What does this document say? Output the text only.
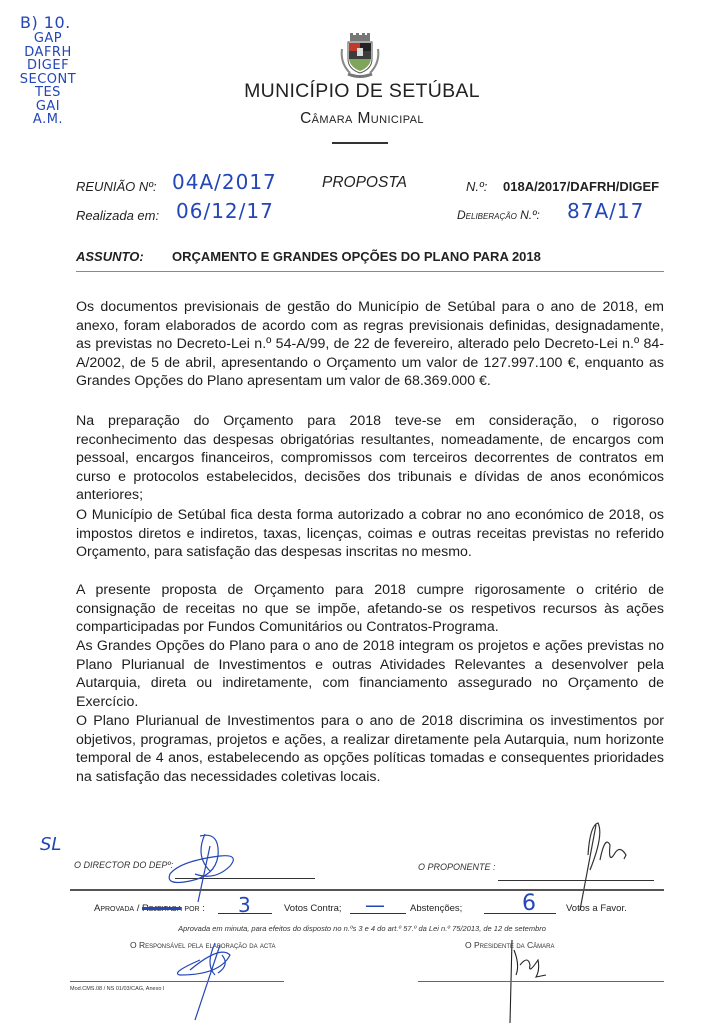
B) 10.
GAP
DAFRH
DIGEF
SECONT
TES
GAI
A.M.
MUNICÍPIO DE SETÚBAL
Câmara Municipal
REUNIÃO Nº: 04A/2017	PROPOSTA	N.º: 018A/2017/DAFRH/DIGEF
Realizada em: 06/12/17	Deliberação N.º: 87A/17
ASSUNTO: ORÇAMENTO E GRANDES OPÇÕES DO PLANO PARA 2018
Os documentos previsionais de gestão do Município de Setúbal para o ano de 2018, em anexo, foram elaborados de acordo com as regras previsionais definidas, designadamente, as previstas no Decreto-Lei n.º 54-A/99, de 22 de fevereiro, alterado pelo Decreto-Lei n.º 84-A/2002, de 5 de abril, apresentando o Orçamento um valor de 127.997.100 €, enquanto as Grandes Opções do Plano apresentam um valor de 68.369.000 €.
Na preparação do Orçamento para 2018 teve-se em consideração, o rigoroso reconhecimento das despesas obrigatórias resultantes, nomeadamente, de encargos com pessoal, encargos financeiros, compromissos com terceiros decorrentes de contratos em curso e protocolos estabelecidos, decisões dos tribunais e dívidas de anos económicos anteriores;
O Município de Setúbal fica desta forma autorizado a cobrar no ano económico de 2018, os impostos diretos e indiretos, taxas, licenças, coimas e outras receitas previstas no referido Orçamento, para satisfação das despesas inscritas no mesmo.
A presente proposta de Orçamento para 2018 cumpre rigorosamente o critério de consignação de receitas no que se impõe, afetando-se os respetivos recursos às ações comparticipadas por Fundos Comunitários ou Contratos-Programa.
As Grandes Opções do Plano para o ano de 2018 integram os projetos e ações previstas no Plano Plurianual de Investimentos e outras Atividades Relevantes a desenvolver pela Autarquia, direta ou indiretamente, com financiamento assegurado no Orçamento de Exercício.
O Plano Plurianual de Investimentos para o ano de 2018 discrimina os investimentos por objetivos, programas, projetos e ações, a realizar diretamente pela Autarquia, num horizonte temporal de 4 anos, estabelecendo as opções políticas tomadas e consequentes prioridades na satisfação das necessidades coletivas locais.
SL
O DIRECTOR DO DEPº:	O PROPONENTE :
Aprovada / Rejeitada por : 3	Votos Contra; —	Abstenções;	6	Votos a Favor.
Aprovada em minuta, para efeitos do disposto no n.ºs 3 e 4 do art.º 57.º da Lei n.º 75/2013, de 12 de setembro
O Responsável pela elaboração da acta	O Presidente da Câmara
Mod.CMS.08 / NS 01/03/CAG, Anexo I
